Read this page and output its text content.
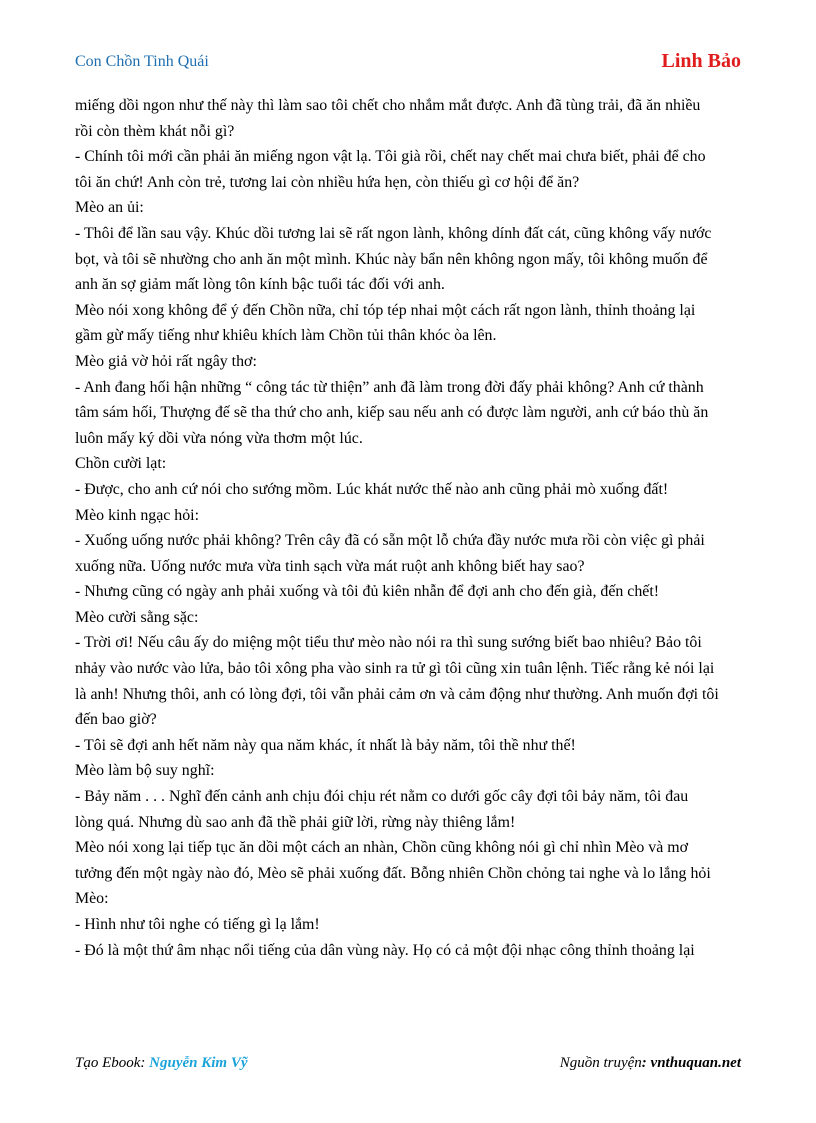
Con Chồn Tinh Quái	Linh Bảo

miếng dồi ngon như thế này thì làm sao tôi chết cho nhắm mắt được. Anh đã tùng trải, đã ăn nhiều

rồi còn thèm khát nỗi gì?

- Chính tôi mới cần phải ăn miếng ngon vật lạ. Tôi già rồi, chết nay chết mai chưa biết, phải để cho

tôi ăn chứ! Anh còn trẻ, tương lai còn nhiều hứa hẹn, còn thiếu gì cơ hội để ăn?

Mèo an ủi:

- Thôi để lần sau vậy. Khúc dồi tương lai sẽ rất ngon lành, không dính đất cát, cũng không vấy nước

bọt, và tôi sẽ nhường cho anh ăn một mình. Khúc này bẩn nên không ngon mấy, tôi không muốn để

anh ăn sợ giảm mất lòng tôn kính bậc tuổi tác đối với anh.

Mèo nói xong không để ý đến Chồn nữa, chỉ tóp tép nhai một cách rất ngon lành, thỉnh thoảng lại

gầm gừ mấy tiếng như khiêu khích làm Chồn tủi thân khóc òa lên.

Mèo giả vờ hỏi rất ngây thơ:

- Anh đang hối hận những “ công tác từ thiện” anh đã làm trong đời đấy phải không? Anh cứ thành

tâm sám hối, Thượng đế sẽ tha thứ cho anh, kiếp sau nếu anh có được làm người, anh cứ báo thù ăn

luôn mấy ký dồi vừa nóng vừa thơm một lúc.

Chồn cười lạt:

- Được, cho anh cứ nói cho sướng mồm. Lúc khát nước thế nào anh cũng phải mò xuống đất!

Mèo kinh ngạc hỏi:

- Xuống uống nước phải không? Trên cây đã có sẵn một lỗ chứa đầy nước mưa rồi còn việc gì phải

xuống nữa. Uống nước mưa vừa tinh sạch vừa mát ruột anh không biết hay sao?

- Nhưng cũng có ngày anh phải xuống và tôi đủ kiên nhẫn để đợi anh cho đến già, đến chết!

Mèo cười sằng sặc:

- Trời ơi! Nếu câu ấy do miệng một tiểu thư mèo nào nói ra thì sung sướng biết bao nhiêu? Bảo tôi

nhảy vào nước vào lửa, bảo tôi xông pha vào sinh ra tử gì tôi cũng xin tuân lệnh. Tiếc rằng kẻ nói lại

là anh! Nhưng thôi, anh có lòng đợi, tôi vẫn phải cảm ơn và cảm động như thường. Anh muốn đợi tôi

đến bao giờ?

- Tôi sẽ đợi anh hết năm này qua năm khác, ít nhất là bảy năm, tôi thề như thế!

Mèo làm bộ suy nghĩ:

- Bảy năm . . . Nghĩ đến cảnh anh chịu đói chịu rét nằm co dưới gốc cây đợi tôi bảy năm, tôi đau

lòng quá. Nhưng dù sao anh đã thề phải giữ lời, rừng này thiêng lắm!

Mèo nói xong lại tiếp tục ăn dồi một cách an nhàn, Chồn cũng không nói gì chỉ nhìn Mèo và mơ

tưởng đến một ngày nào đó, Mèo sẽ phải xuống đất. Bỗng nhiên Chồn chỏng tai nghe và lo lắng hỏi

Mèo:

- Hình như tôi nghe có tiếng gì lạ lắm!

- Đó là một thứ âm nhạc nổi tiếng của dân vùng này. Họ có cả một đội nhạc công thỉnh thoảng lại

Tạo Ebook: Nguyễn Kim Vỹ	Nguồn truyện: vnthuquan.net
